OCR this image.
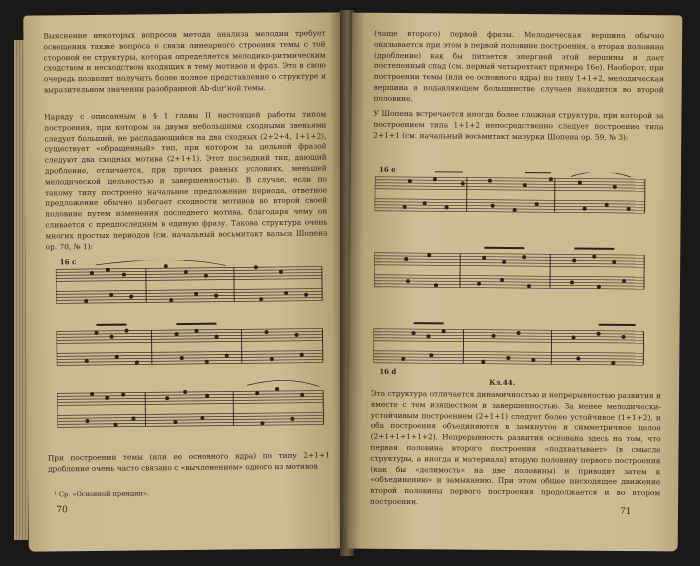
Выяснение некоторых вопросов метода анализа мелодии требует освещения также вопроса о связи линеарного строения темы с той стороной ее структуры, которая определяется мелодико-ритмическим сходством и несходством входящих в тему мотивов и фраз. Это в свою очередь позволит получить более полное представление о структуре и выразительном значении разобранной Ab-dur'ной темы.
Наряду с описанным в § 1 главы II настоящей работы типом построения, при котором за двумя небольшими сходными звеньями следует больший, не распадающийся на два сходных (2+2+4, 1+1+2), существует «обращенный» тип, при котором за цельной фразой следуют два сходных мотива (2+1+1). Этот последний тип, дающий дробление, отличается, при прочих равных условиях, меньшей мелодической цельностью и завершенностью. В случае, если по такому типу построено начальное предложение периода, ответное предложение обычно избегает сходности мотивов во второй своей половине путем изменения последнего мотива, благодаря чему он сливается с предпоследним в единую фразу. Такова структура очень многих простых периодов (см. начальный восьмитакт вальса Шопена ор. 70, № 1):
16 с
При построении темы (или ее основного ядра) по типу 2+1+1 дробление очень часто связано с «вычленением» одного из мотивов
¹ Ср. «Основной принцип».
70
(чаще второго) первой фразы. Мелодическая вершина обычно оказывается при этом в первой половине построения, а вторая половина (дробление) как бы питается энергией этой вершины и дает постепенный спад (см. первый четырехтакт примера 16е). Наоборот, при построении темы (или ее основного ядра) по типу 1+1+2, мелодическая вершина в подавляющем большинстве случаев находится во второй половине.
У Шопена встречается иногда более сложная структура, при которой за построением типа 1+1+2 непосредственно следует построение типа 2+1+1 (см. начальный восьмитакт мазурки Шопена ор. 59, № 3):
16 е
16 d
Кл.44.
Эта структура отличается динамичностью и непрерывностью развития и вместе с тем изяществом и завершенностью. За менее мелодически-устойчивым построением (2+1+1) следует более устойчивое (1+1+2), и оба построения объединяются в замкнутое и симметричное целое (2+1+1+1+1+2). Непрерывность развития основана здесь на том, что первая половина второго построения «подхватывает» (в смысле структуры, а иногда и материала) вторую половину первого построения (как бы «делимость» на две половины) и приводит затем к «объединению» и замыканию. При этом общее нисходящее движение второй половины первого построения продолжается и во втором построении.
71
